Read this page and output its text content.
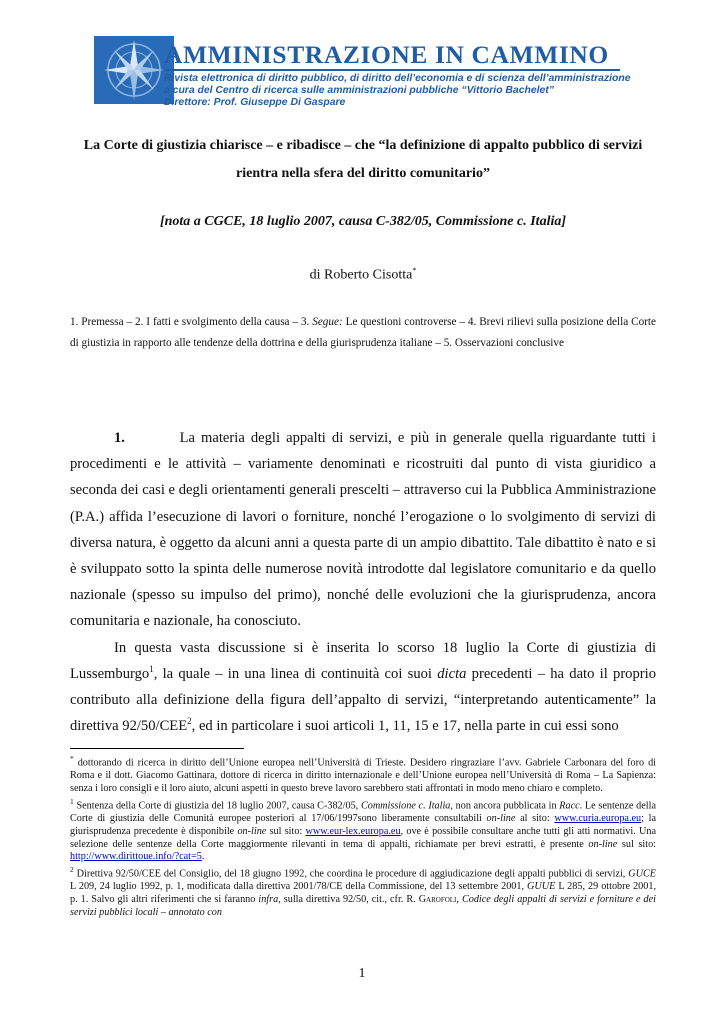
AMMINISTRAZIONE IN CAMMINO
Rivista elettronica di diritto pubblico, di diritto dell’economia e di scienza dell’amministrazione
a cura del Centro di ricerca sulle amministrazioni pubbliche “Vittorio Bachelet”
Direttore: Prof. Giuseppe Di Gaspare
La Corte di giustizia chiarisce – e ribadisce – che “la definizione di appalto pubblico di servizi rientra nella sfera del diritto comunitario”
[nota a CGCE, 18 luglio 2007, causa C-382/05, Commissione c. Italia]
di Roberto Cisotta*
1. Premessa – 2. I fatti e svolgimento della causa – 3. Segue: Le questioni controverse – 4. Brevi rilievi sulla posizione della Corte di giustizia in rapporto alle tendenze della dottrina e della giurisprudenza italiane – 5. Osservazioni conclusive

1.	La materia degli appalti di servizi, e più in generale quella riguardante tutti i procedimenti e le attività – variamente denominati e ricostruiti dal punto di vista giuridico a seconda dei casi e degli orientamenti generali prescelti – attraverso cui la Pubblica Amministrazione (P.A.) affida l’esecuzione di lavori o forniture, nonché l’erogazione o lo svolgimento di servizi di diversa natura, è oggetto da alcuni anni a questa parte di un ampio dibattito. Tale dibattito è nato e si è sviluppato sotto la spinta delle numerose novità introdotte dal legislatore comunitario e da quello nazionale (spesso su impulso del primo), nonché delle evoluzioni che la giurisprudenza, ancora comunitaria e nazionale, ha conosciuto.

In questa vasta discussione si è inserita lo scorso 18 luglio la Corte di giustizia di Lussemburgo$^1$, la quale – in una linea di continuità coi suoi dicta precedenti – ha dato il proprio contributo alla definizione della figura dell’appalto di servizi, “interpretando autenticamente” la direttiva 92/50/CEE$^2$, ed in particolare i suoi articoli 1, 11, 15 e 17, nella parte in cui essi sono

* dottorando di ricerca in diritto dell’Unione europea nell’Università di Trieste. Desidero ringraziare l’avv. Gabriele Carbonara del foro di Roma e il dott. Giacomo Gattinara, dottore di ricerca in diritto internazionale e dell’Unione europea nell’Università di Roma – La Sapienza: senza i loro consigli e il loro aiuto, alcuni aspetti in questo breve lavoro sarebbero stati affrontati in modo meno chiaro e completo.

$^1$ Sentenza della Corte di giustizia del 18 luglio 2007, causa C-382/05, Commissione c. Italia, non ancora pubblicata in Racc. Le sentenze della Corte di giustizia delle Comunità europee posteriori al 17/06/1997sono liberamente consultabili on-line al sito: www.curia.europa.eu; la giurisprudenza precedente è disponibile on-line sul sito: www.eur-lex.europa.eu, ove è possibile consultare anche tutti gli atti normativi. Una selezione delle sentenze della Corte maggiormente rilevanti in tema di appalti, richiamate per brevi estratti, è presente on-line sul sito: http://www.dirittoue.info/?cat=5.

$^2$ Direttiva 92/50/CEE del Consiglio, del 18 giugno 1992, che coordina le procedure di aggiudicazione degli appalti pubblici di servizi, GUCE L 209, 24 luglio 1992, p. 1, modificata dalla direttiva 2001/78/CE della Commissione, del 13 settembre 2001, GUUE L 285, 29 ottobre 2001, p. 1. Salvo gli altri riferimenti che si faranno infra, sulla direttiva 92/50, cit., cfr. R. Garofoli, Codice degli appalti di servizi e forniture e dei servizi pubblici locali – annotato con

1
